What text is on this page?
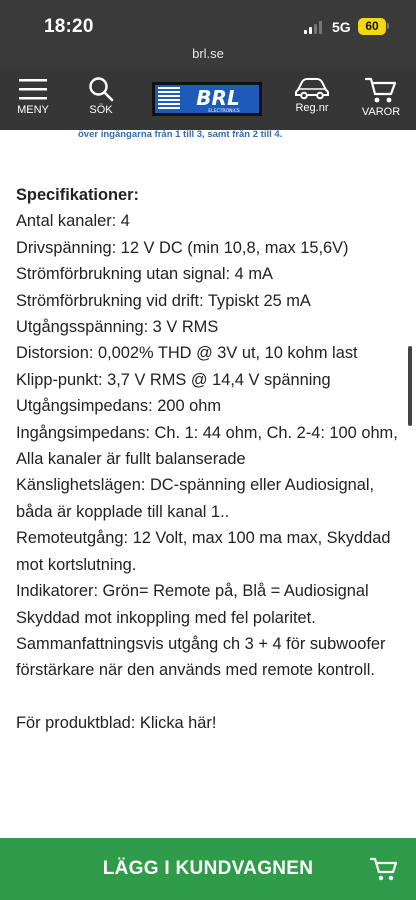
18:20	5G	60
brl.se
MENY	SÖK	BRL
ELECTRONICS	Reg.nr	VAROR
över ingångarna från 1 till 3, samt från 2 till 4.
Specifikationer:
Antal kanaler: 4
Drivspänning: 12 V DC (min 10,8, max 15,6V)
Strömförbrukning utan signal: 4 mA
Strömförbrukning vid drift: Typiskt 25 mA
Utgångsspänning: 3 V RMS
Distorsion: 0,002% THD @ 3V ut, 10 kohm last
Klipp-punkt: 3,7 V RMS @ 14,4 V spänning
Utgångsimpedans: 200 ohm
Ingångsimpedans: Ch. 1: 44 ohm, Ch. 2-4: 100 ohm, Alla kanaler är fullt balanserade
Känslighetslägen: DC-spänning eller Audiosignal, båda är kopplade till kanal 1..
Remoteutgång: 12 Volt, max 100 ma max, Skyddad mot kortslutning.
Indikatorer: Grön= Remote på, Blå = Audiosignal
Skyddad mot inkoppling med fel polaritet.
Sammanfattningsvis utgång ch 3 + 4 för subwoofer förstärkare när den används med remote kontroll.
För produktblad: Klicka här!
LÄGG I KUNDVAGNEN
